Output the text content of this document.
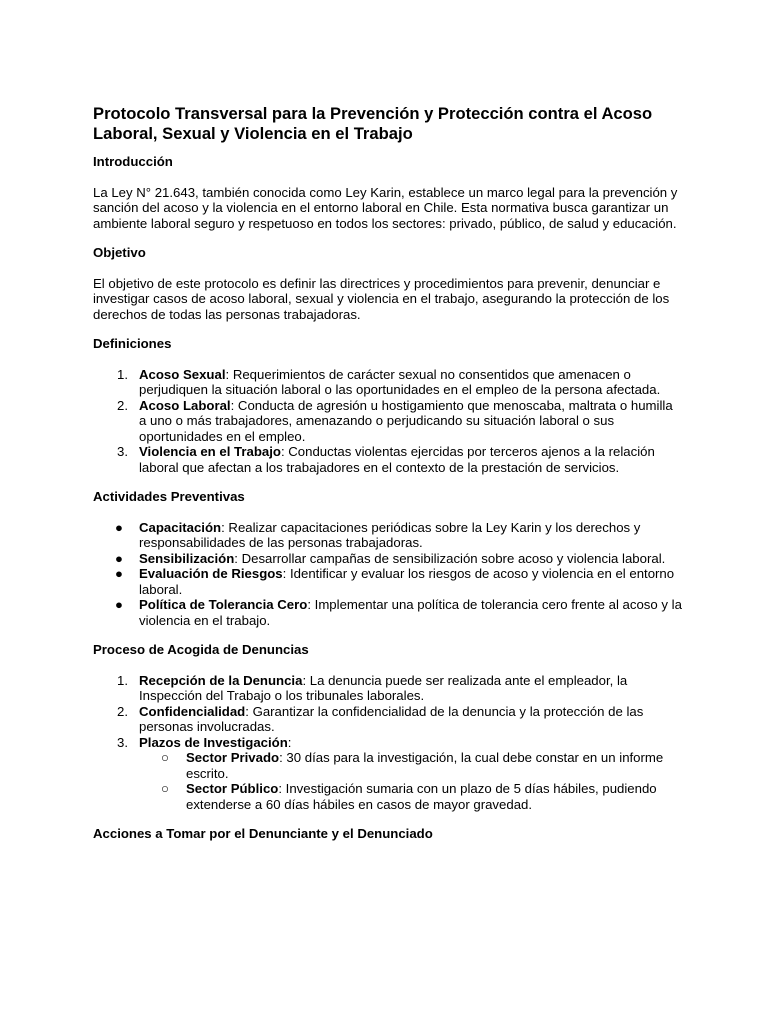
Protocolo Transversal para la Prevención y Protección contra el Acoso Laboral, Sexual y Violencia en el Trabajo
Introducción

La Ley N° 21.643, también conocida como Ley Karin, establece un marco legal para la prevención y sanción del acoso y la violencia en el entorno laboral en Chile. Esta normativa busca garantizar un ambiente laboral seguro y respetuoso en todos los sectores: privado, público, de salud y educación.

Objetivo

El objetivo de este protocolo es definir las directrices y procedimientos para prevenir, denunciar e investigar casos de acoso laboral, sexual y violencia en el trabajo, asegurando la protección de los derechos de todas las personas trabajadoras.

Definiciones
1. Acoso Sexual: Requerimientos de carácter sexual no consentidos que amenacen o perjudiquen la situación laboral o las oportunidades en el empleo de la persona afectada.
2. Acoso Laboral: Conducta de agresión u hostigamiento que menoscaba, maltrata o humilla a uno o más trabajadores, amenazando o perjudicando su situación laboral o sus oportunidades en el empleo.
3. Violencia en el Trabajo: Conductas violentas ejercidas por terceros ajenos a la relación laboral que afectan a los trabajadores en el contexto de la prestación de servicios.
Actividades Preventivas
● Capacitación: Realizar capacitaciones periódicas sobre la Ley Karin y los derechos y responsabilidades de las personas trabajadoras.
● Sensibilización: Desarrollar campañas de sensibilización sobre acoso y violencia laboral.
● Evaluación de Riesgos: Identificar y evaluar los riesgos de acoso y violencia en el entorno laboral.
● Política de Tolerancia Cero: Implementar una política de tolerancia cero frente al acoso y la violencia en el trabajo.
Proceso de Acogida de Denuncias
1. Recepción de la Denuncia: La denuncia puede ser realizada ante el empleador, la Inspección del Trabajo o los tribunales laborales.
2. Confidencialidad: Garantizar la confidencialidad de la denuncia y la protección de las personas involucradas.
3. Plazos de Investigación:
○ Sector Privado: 30 días para la investigación, la cual debe constar en un informe escrito.
○ Sector Público: Investigación sumaria con un plazo de 5 días hábiles, pudiendo extenderse a 60 días hábiles en casos de mayor gravedad.
Acciones a Tomar por el Denunciante y el Denunciado
